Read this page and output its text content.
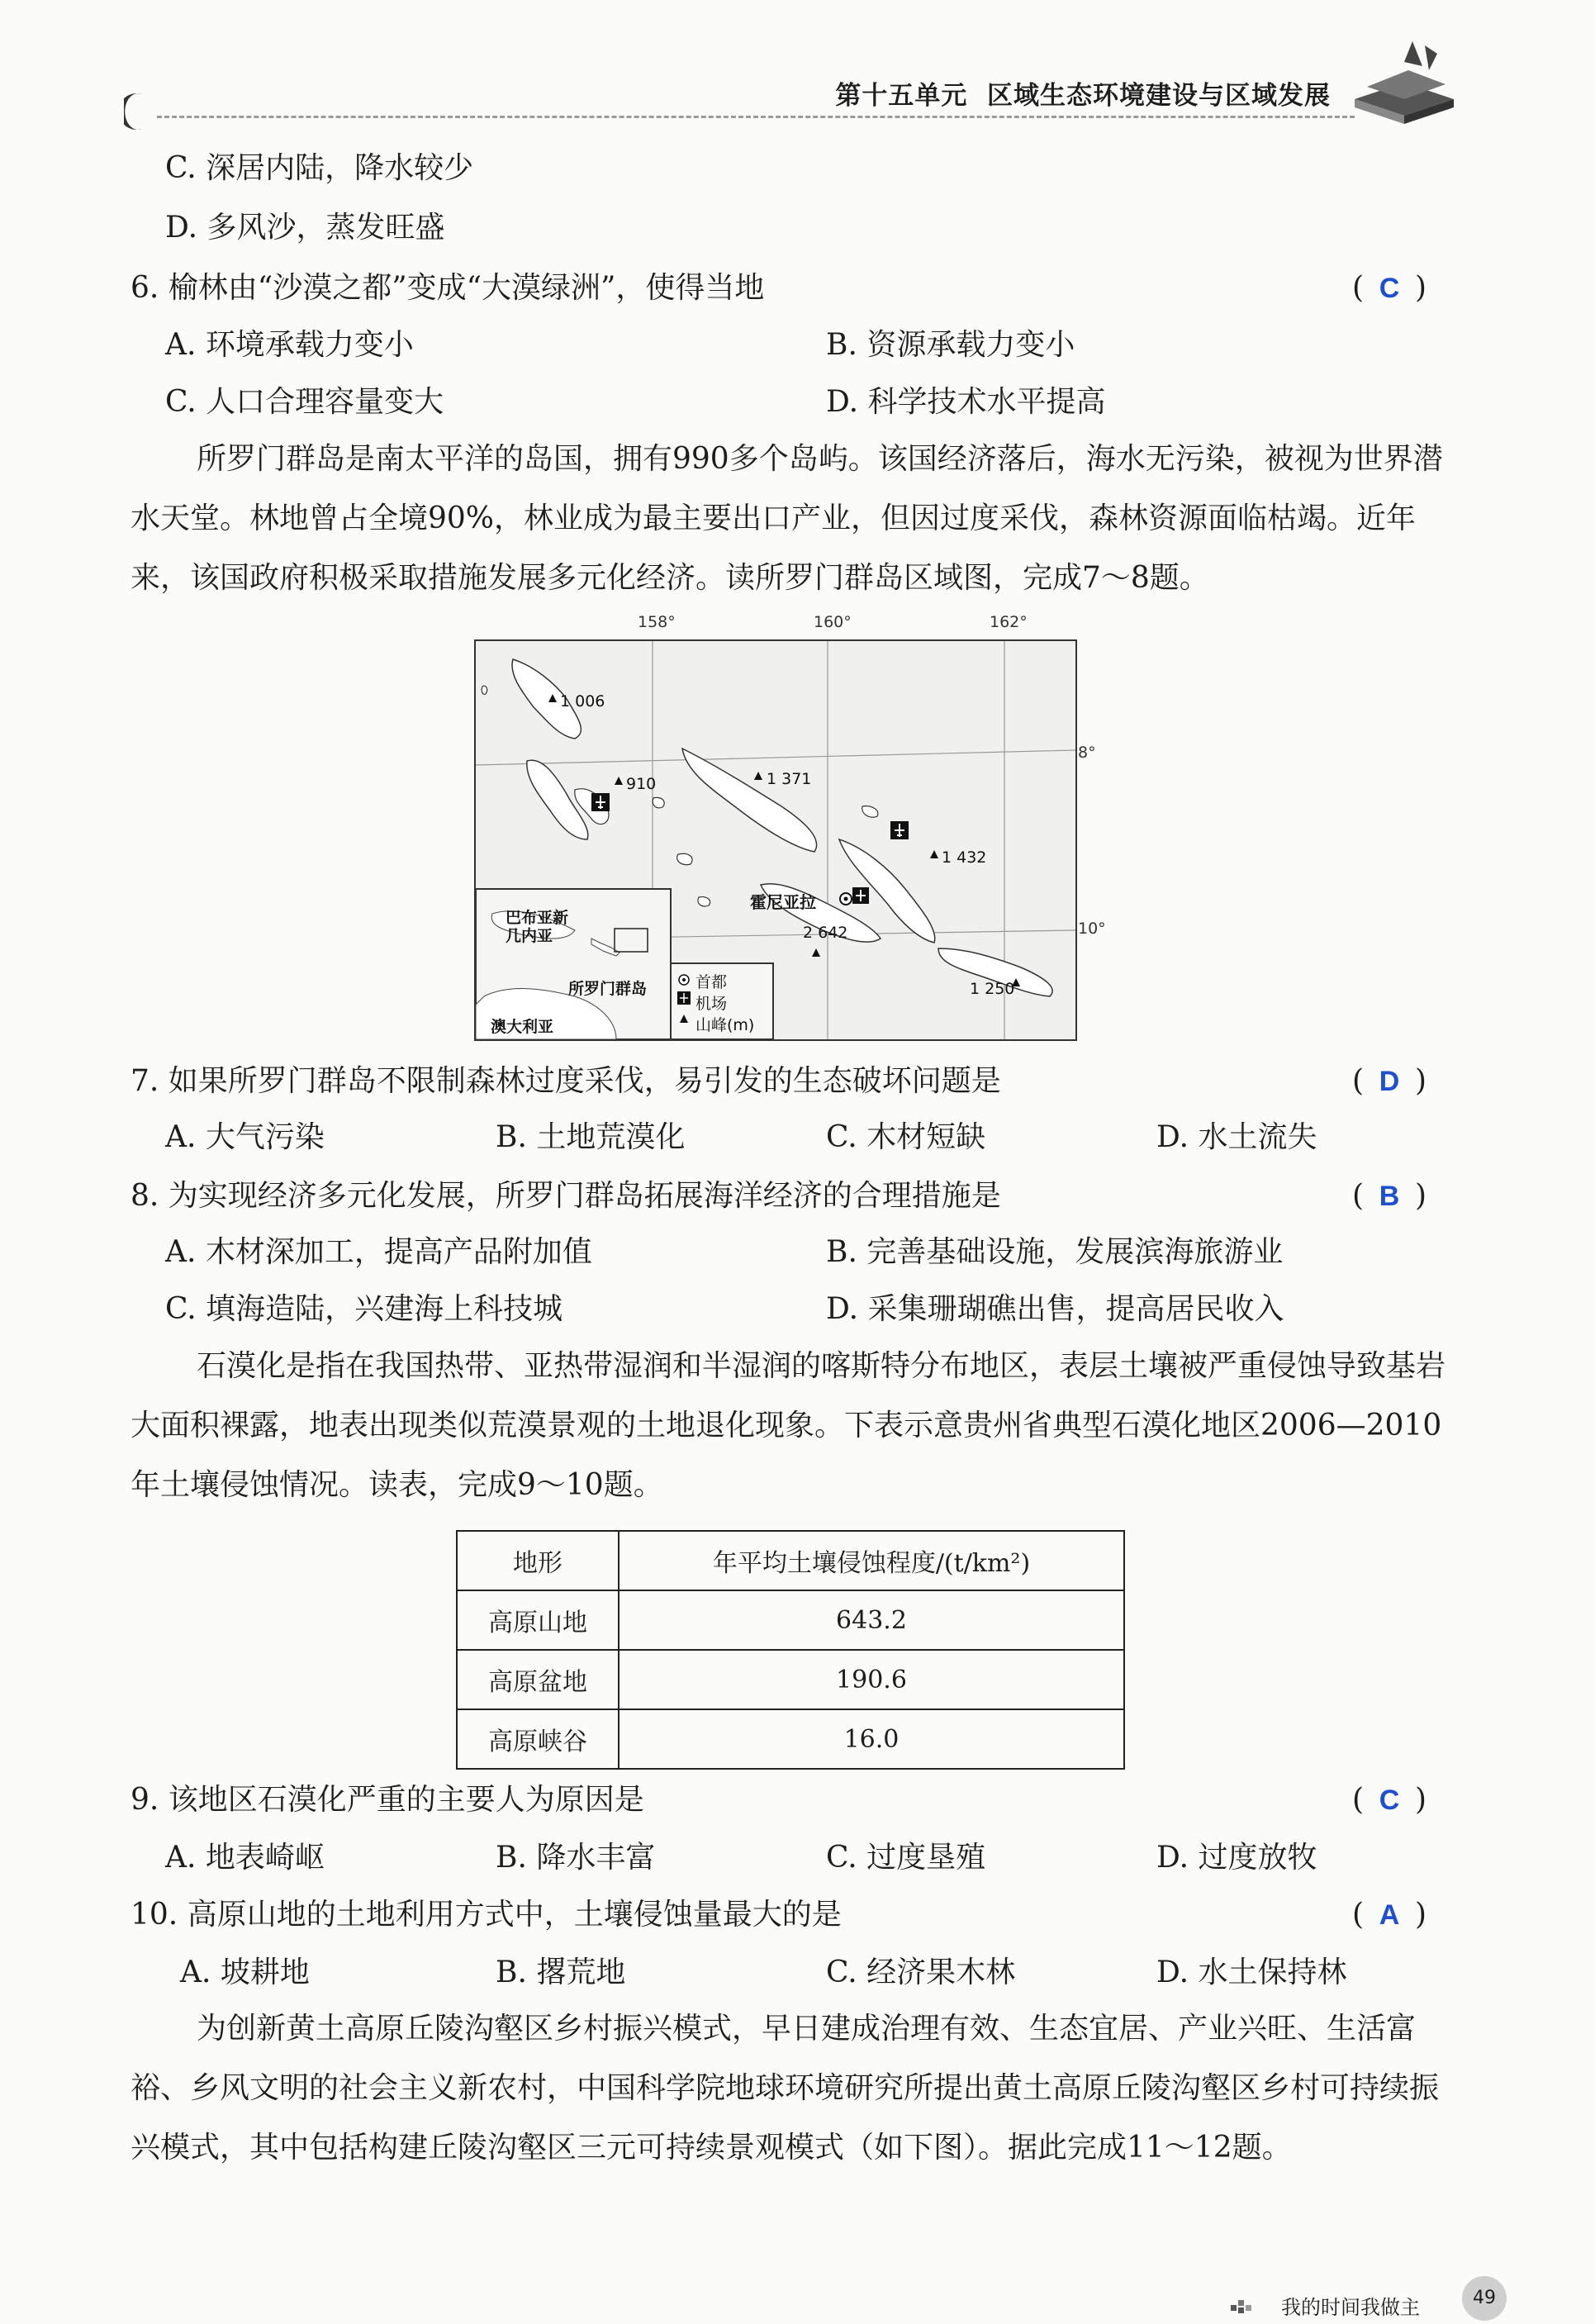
第十五单元 区域生态环境建设与区域发展
C. 深居内陆，降水较少
D. 多风沙，蒸发旺盛
6. 榆林由“沙漠之都”变成“大漠绿洲”，使得当地	( C )
A. 环境承载力变小	B. 资源承载力变小
C. 人口合理容量变大	D. 科学技术水平提高
所罗门群岛是南太平洋的岛国，拥有990多个岛屿。该国经济落后，海水无污染，被视为世界潜水天堂。林地曾占全境90%，林业成为最主要出口产业，但因过度采伐，森林资源面临枯竭。近年来，该国政府积极采取措施发展多元化经济。读所罗门群岛区域图，完成7～8题。
158°	160°	162°
8°
10°
1 006
910	1 371
1 432
2 642
1 250
霍尼亚拉
巴布亚新几内亚
所罗门群岛
澳大利亚
首都
机场
山峰(m)
7. 如果所罗门群岛不限制森林过度采伐，易引发的生态破坏问题是	( D )
A. 大气污染	B. 土地荒漠化	C. 木材短缺	D. 水土流失
8. 为实现经济多元化发展，所罗门群岛拓展海洋经济的合理措施是	( B )
A. 木材深加工，提高产品附加值	B. 完善基础设施，发展滨海旅游业
C. 填海造陆，兴建海上科技城	D. 采集珊瑚礁出售，提高居民收入
石漠化是指在我国热带、亚热带湿润和半湿润的喀斯特分布地区，表层土壤被严重侵蚀导致基岩大面积裸露，地表出现类似荒漠景观的土地退化现象。下表示意贵州省典型石漠化地区2006—2010年土壤侵蚀情况。读表，完成9～10题。
地形	年平均土壤侵蚀程度/(t/km²)
高原山地	643.2
高原盆地	190.6
高原峡谷	16.0
9. 该地区石漠化严重的主要人为原因是	( C )
A. 地表崎岖	B. 降水丰富	C. 过度垦殖	D. 过度放牧
10. 高原山地的土地利用方式中，土壤侵蚀量最大的是	( A )
A. 坡耕地	B. 撂荒地	C. 经济果木林	D. 水土保持林
为创新黄土高原丘陵沟壑区乡村振兴模式，早日建成治理有效、生态宜居、产业兴旺、生活富裕、乡风文明的社会主义新农村，中国科学院地球环境研究所提出黄土高原丘陵沟壑区乡村可持续振兴模式，其中包括构建丘陵沟壑区三元可持续景观模式（如下图）。据此完成11～12题。
我的时间我做主	49
